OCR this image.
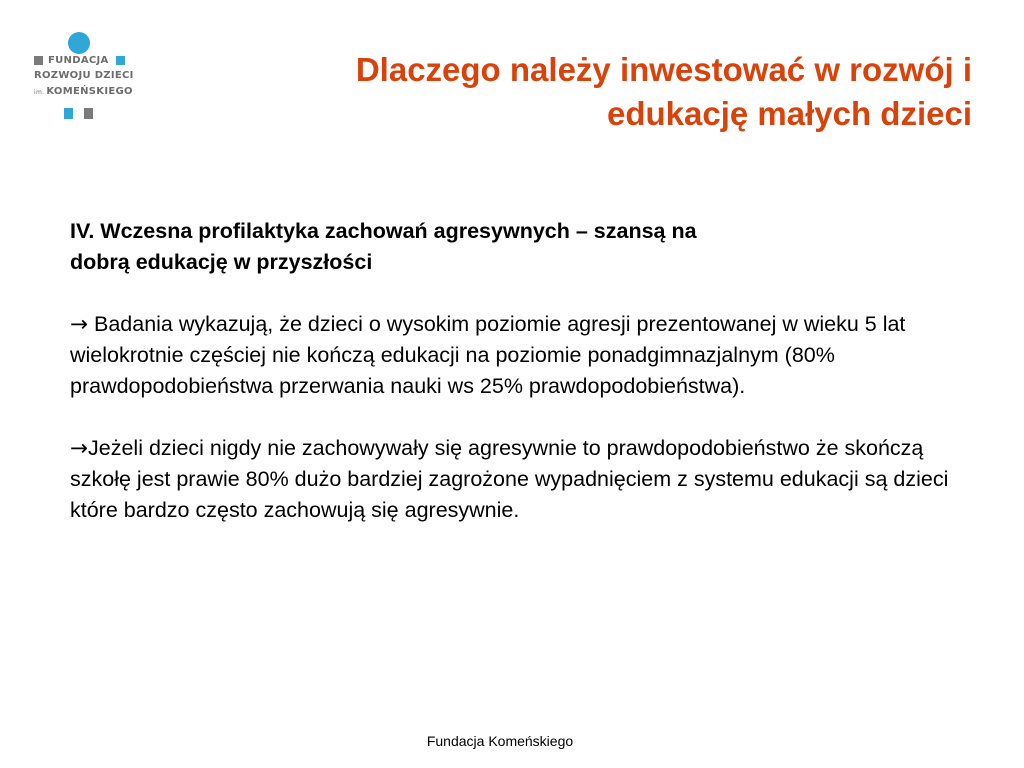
FUNDACJA
ROZWOJU DZIECI
im. KOMEŃSKIEGO
Dlaczego należy inwestować w rozwój i
edukację małych dzieci

IV. Wczesna profilaktyka zachowań agresywnych – szansą na
dobrą edukację w przyszłości

→ Badania wykazują, że dzieci o wysokim poziomie agresji prezentowanej w wieku 5 lat wielokrotnie częściej nie kończą edukacji na poziomie ponadgimnazjalnym (80% prawdopodobieństwa przerwania nauki ws 25% prawdopodobieństwa).

→Jeżeli dzieci nigdy nie zachowywały się agresywnie to prawdopodobieństwo że skończą szkołę jest prawie 80% dużo bardziej zagrożone wypadnięciem z systemu edukacji są dzieci które bardzo często zachowują się agresywnie.

Fundacja Komeńskiego
